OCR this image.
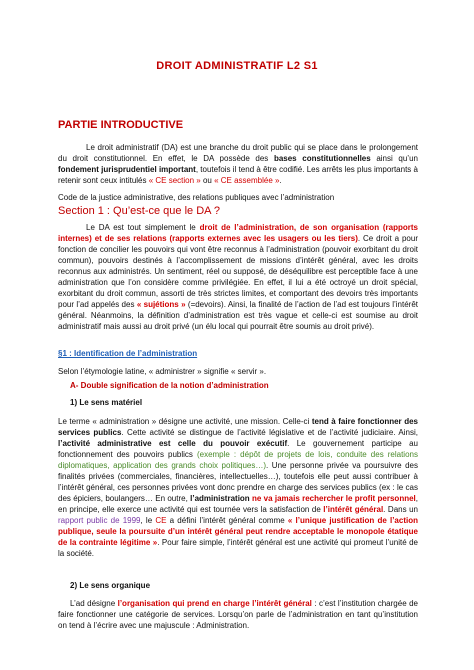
DROIT ADMINISTRATIF L2 S1
PARTIE INTRODUCTIVE
Le droit administratif (DA) est une branche du droit public qui se place dans le prolongement du droit constitutionnel. En effet, le DA possède des bases constitutionnelles ainsi qu’un fondement jurisprudentiel important, toutefois il tend à être codifié. Les arrêts les plus importants à retenir sont ceux intitulés « CE section » ou « CE assemblée ».
Code de la justice administrative, des relations publiques avec l’administration
Section 1 : Qu’est-ce que le DA ?
Le DA est tout simplement le droit de l’administration, de son organisation (rapports internes) et de ses relations (rapports externes avec les usagers ou les tiers). Ce droit a pour fonction de concilier les pouvoirs qui vont être reconnus à l’administration (pouvoir exorbitant du droit commun), pouvoirs destinés à l’accomplissement de missions d’intérêt général, avec les droits reconnus aux administrés. Un sentiment, réel ou supposé, de déséquilibre est perceptible face à une administration que l’on considère comme privilégiée. En effet, il lui a été octroyé un droit spécial, exorbitant du droit commun, assorti de très strictes limites, et comportant des devoirs très importants pour l’ad appelés des « sujétions » (=devoirs). Ainsi, la finalité de l’action de l’ad est toujours l’intérêt général. Néanmoins, la définition d’administration est très vague et celle-ci est soumise au droit administratif mais aussi au droit privé (un élu local qui pourrait être soumis au droit privé).
§1 : Identification de l’administration
Selon l’étymologie latine, « administrer » signifie « servir ».
A- Double signification de la notion d’administration
1) Le sens matériel
Le terme « administration » désigne une activité, une mission. Celle-ci tend à faire fonctionner des services publics. Cette activité se distingue de l’activité législative et de l’activité judiciaire. Ainsi, l’activité administrative est celle du pouvoir exécutif. Le gouvernement participe au fonctionnement des pouvoirs publics (exemple : dépôt de projets de lois, conduite des relations diplomatiques, application des grands choix politiques…). Une personne privée va poursuivre des finalités privées (commerciales, financières, intellectuelles…), toutefois elle peut aussi contribuer à l’intérêt général, ces personnes privées vont donc prendre en charge des services publics (ex : le cas des épiciers, boulangers… En outre, l’administration ne va jamais rechercher le profit personnel, en principe, elle exerce une activité qui est tournée vers la satisfaction de l’intérêt général. Dans un rapport public de 1999, le CE a défini l’intérêt général comme « l’unique justification de l’action publique, seule la poursuite d’un intérêt général peut rendre acceptable le monopole étatique de la contrainte légitime ». Pour faire simple, l’intérêt général est une activité qui promeut l’unité de la société.
2) Le sens organique
L’ad désigne l’organisation qui prend en charge l’intérêt général : c’est l’institution chargée de faire fonctionner une catégorie de services. Lorsqu’on parle de l’administration en tant qu’institution on tend à l’écrire avec une majuscule : Administration.
